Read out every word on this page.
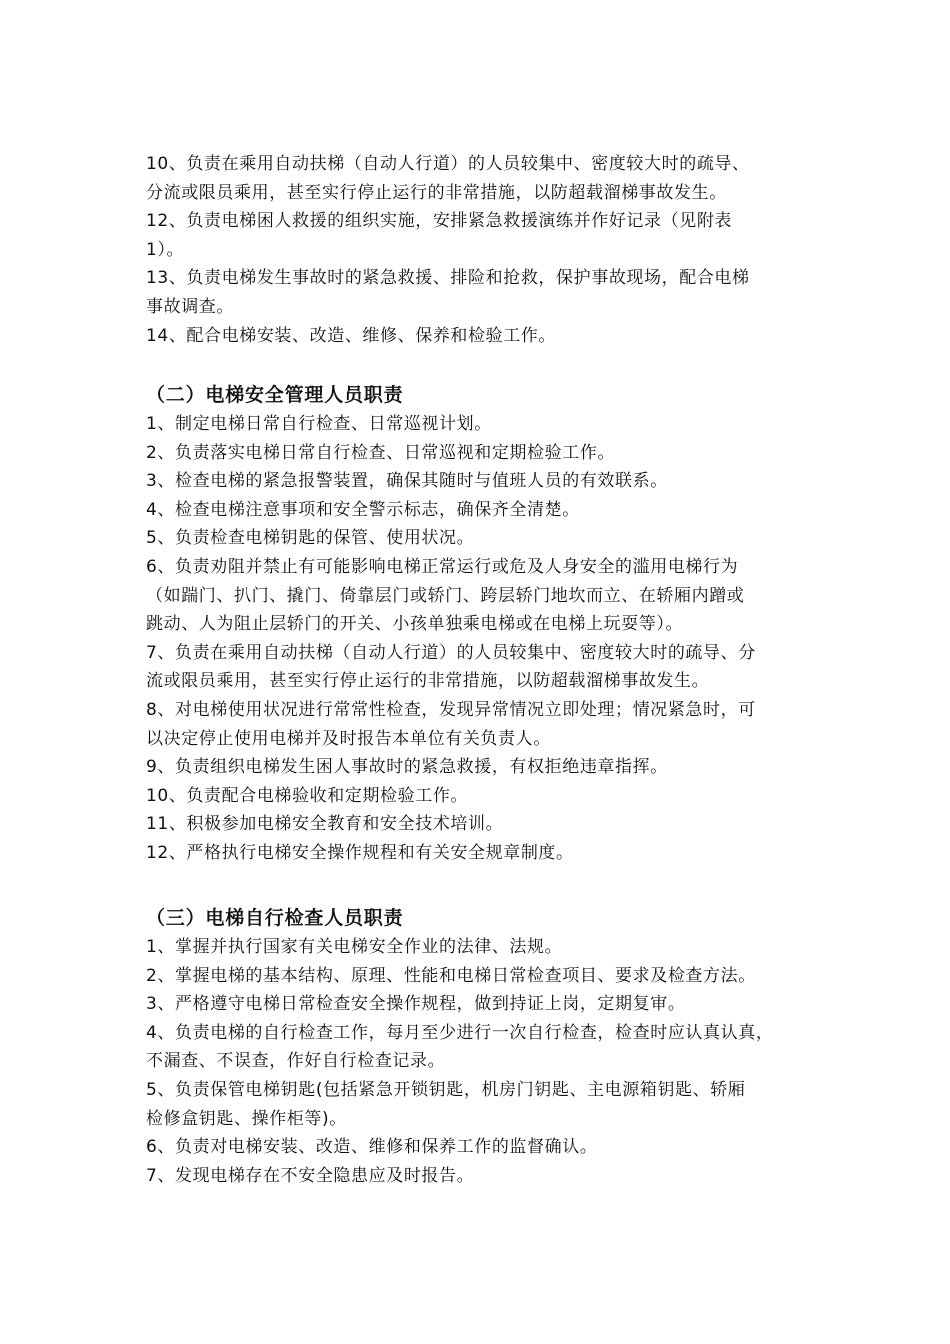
10、负责在乘用自动扶梯（自动人行道）的人员较集中、密度较大时的疏导、
分流或限员乘用，甚至实行停止运行的非常措施，以防超载溜梯事故发生。
12、负责电梯困人救援的组织实施，安排紧急救援演练并作好记录（见附表
1）。
13、负责电梯发生事故时的紧急救援、排险和抢救，保护事故现场，配合电梯
事故调查。
14、配合电梯安装、改造、维修、保养和检验工作。
（二）电梯安全管理人员职责
1、制定电梯日常自行检查、日常巡视计划。
2、负责落实电梯日常自行检查、日常巡视和定期检验工作。
3、检查电梯的紧急报警装置，确保其随时与值班人员的有效联系。
4、检查电梯注意事项和安全警示标志，确保齐全清楚。
5、负责检查电梯钥匙的保管、使用状况。
6、负责劝阻并禁止有可能影响电梯正常运行或危及人身安全的滥用电梯行为
（如踹门、扒门、撬门、倚靠层门或轿门、跨层轿门地坎而立、在轿厢内蹭或
跳动、人为阻止层轿门的开关、小孩单独乘电梯或在电梯上玩耍等）。
7、负责在乘用自动扶梯（自动人行道）的人员较集中、密度较大时的疏导、分
流或限员乘用，甚至实行停止运行的非常措施，以防超载溜梯事故发生。
8、对电梯使用状况进行常常性检查，发现异常情况立即处理；情况紧急时，可
以决定停止使用电梯并及时报告本单位有关负责人。
9、负责组织电梯发生困人事故时的紧急救援，有权拒绝违章指挥。
10、负责配合电梯验收和定期检验工作。
11、积极参加电梯安全教育和安全技术培训。
12、严格执行电梯安全操作规程和有关安全规章制度。
（三）电梯自行检查人员职责
1、掌握并执行国家有关电梯安全作业的法律、法规。
2、掌握电梯的基本结构、原理、性能和电梯日常检查项目、要求及检查方法。
3、严格遵守电梯日常检查安全操作规程，做到持证上岗，定期复审。
4、负责电梯的自行检查工作，每月至少进行一次自行检查，检查时应认真认真，
不漏查、不误查，作好自行检查记录。
5、负责保管电梯钥匙(包括紧急开锁钥匙，机房门钥匙、主电源箱钥匙、轿厢
检修盒钥匙、操作柜等)。
6、负责对电梯安装、改造、维修和保养工作的监督确认。
7、发现电梯存在不安全隐患应及时报告。
